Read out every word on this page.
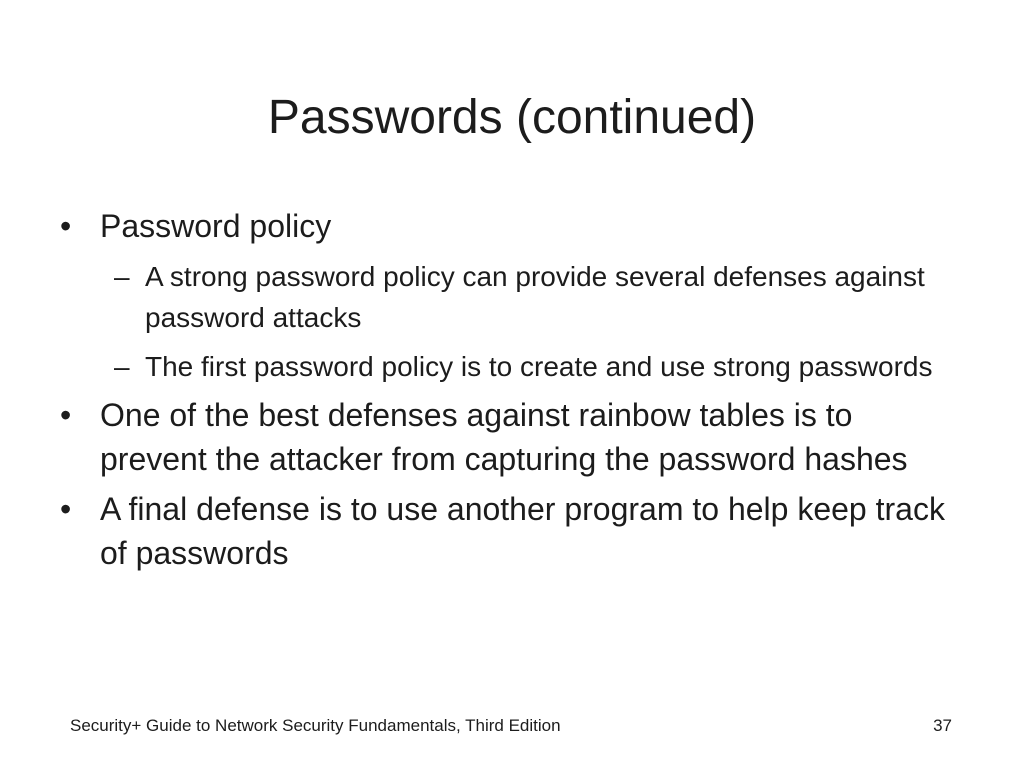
Passwords (continued)
• Password policy
– A strong password policy can provide several defenses against password attacks
– The first password policy is to create and use strong passwords
• One of the best defenses against rainbow tables is to prevent the attacker from capturing the password hashes
• A final defense is to use another program to help keep track of passwords
Security+ Guide to Network Security Fundamentals, Third Edition	37
